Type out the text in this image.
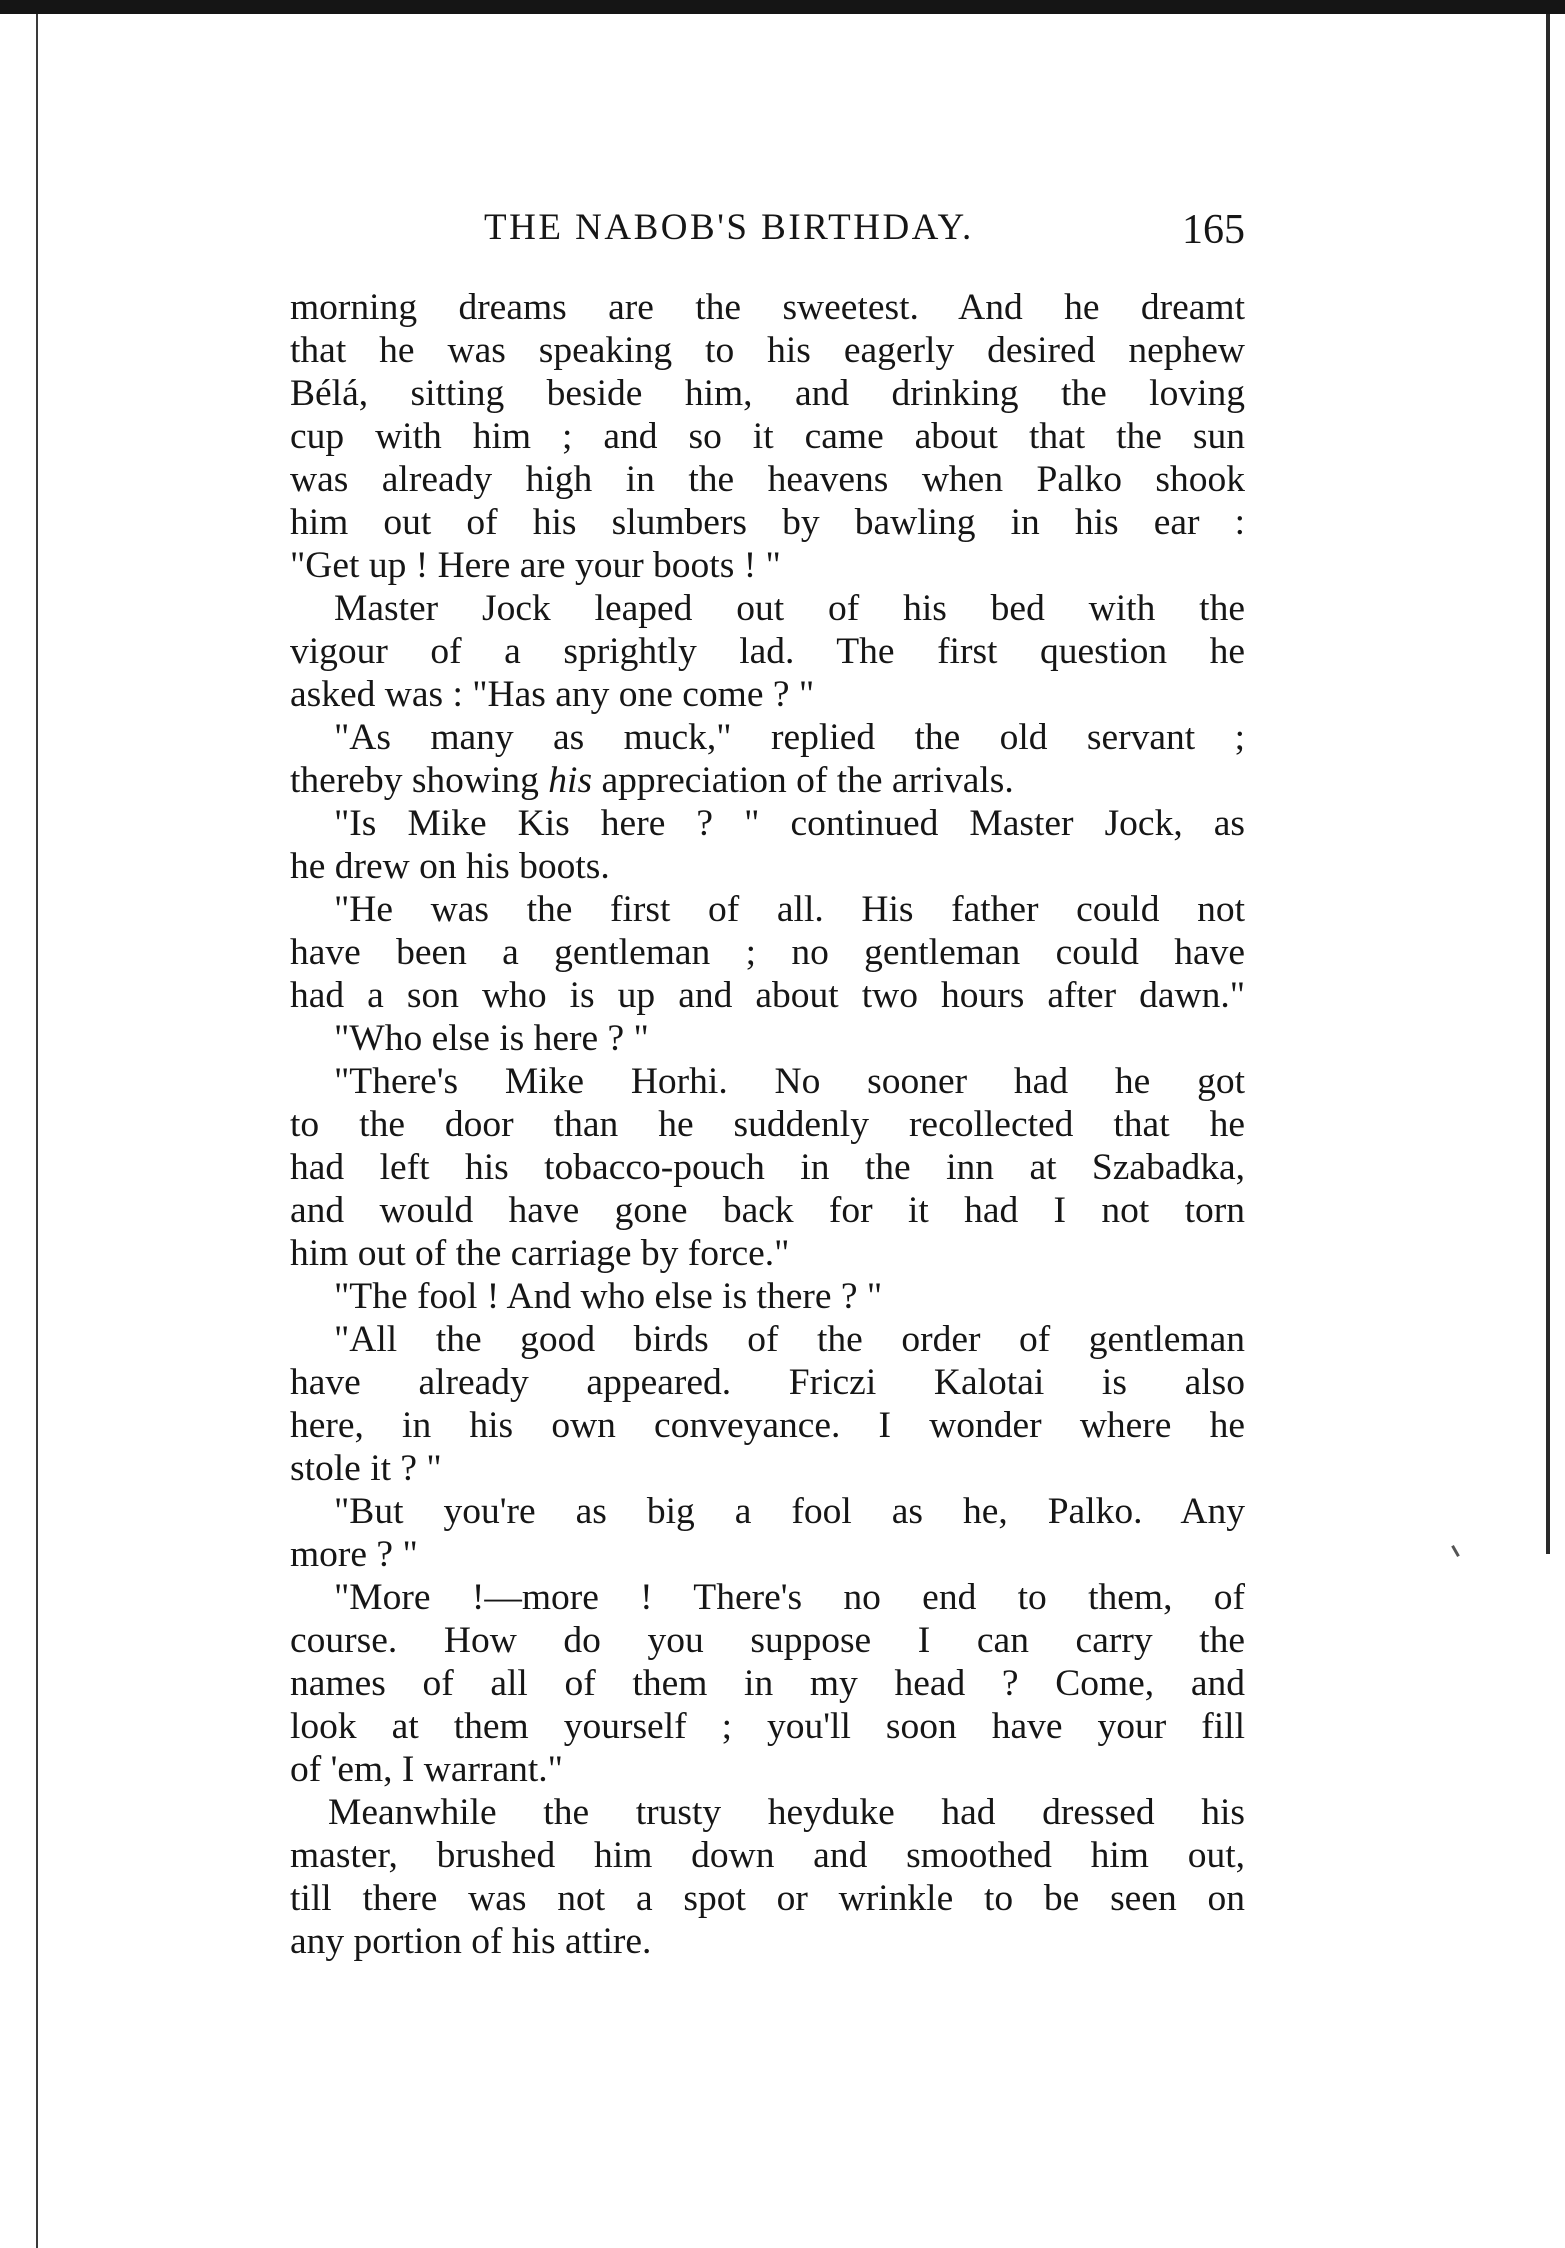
THE NABOB'S BIRTHDAY.	165
morning dreams are the sweetest. And he dreamt
that he was speaking to his eagerly desired nephew
Bélá, sitting beside him, and drinking the loving
cup with him ; and so it came about that the sun
was already high in the heavens when Palko shook
him out of his slumbers by bawling in his ear :
"Get up ! Here are your boots ! "
Master Jock leaped out of his bed with the
vigour of a sprightly lad. The first question he
asked was : "Has any one come ? "
"As many as muck," replied the old servant ;
thereby showing his appreciation of the arrivals.
"Is Mike Kis here ? " continued Master Jock, as
he drew on his boots.
"He was the first of all. His father could not
have been a gentleman ; no gentleman could have
had a son who is up and about two hours after dawn."
"Who else is here ? "
"There's Mike Horhi. No sooner had he got
to the door than he suddenly recollected that he
had left his tobacco-pouch in the inn at Szabadka,
and would have gone back for it had I not torn
him out of the carriage by force."
"The fool ! And who else is there ? "
"All the good birds of the order of gentleman
have already appeared. Friczi Kalotai is also
here, in his own conveyance. I wonder where he
stole it ? "
"But you're as big a fool as he, Palko. Any
more ? "
"More !—more ! There's no end to them, of
course. How do you suppose I can carry the
names of all of them in my head ? Come, and
look at them yourself ; you'll soon have your fill
of 'em, I warrant."
Meanwhile the trusty heyduke had dressed his
master, brushed him down and smoothed him out,
till there was not a spot or wrinkle to be seen on
any portion of his attire.
